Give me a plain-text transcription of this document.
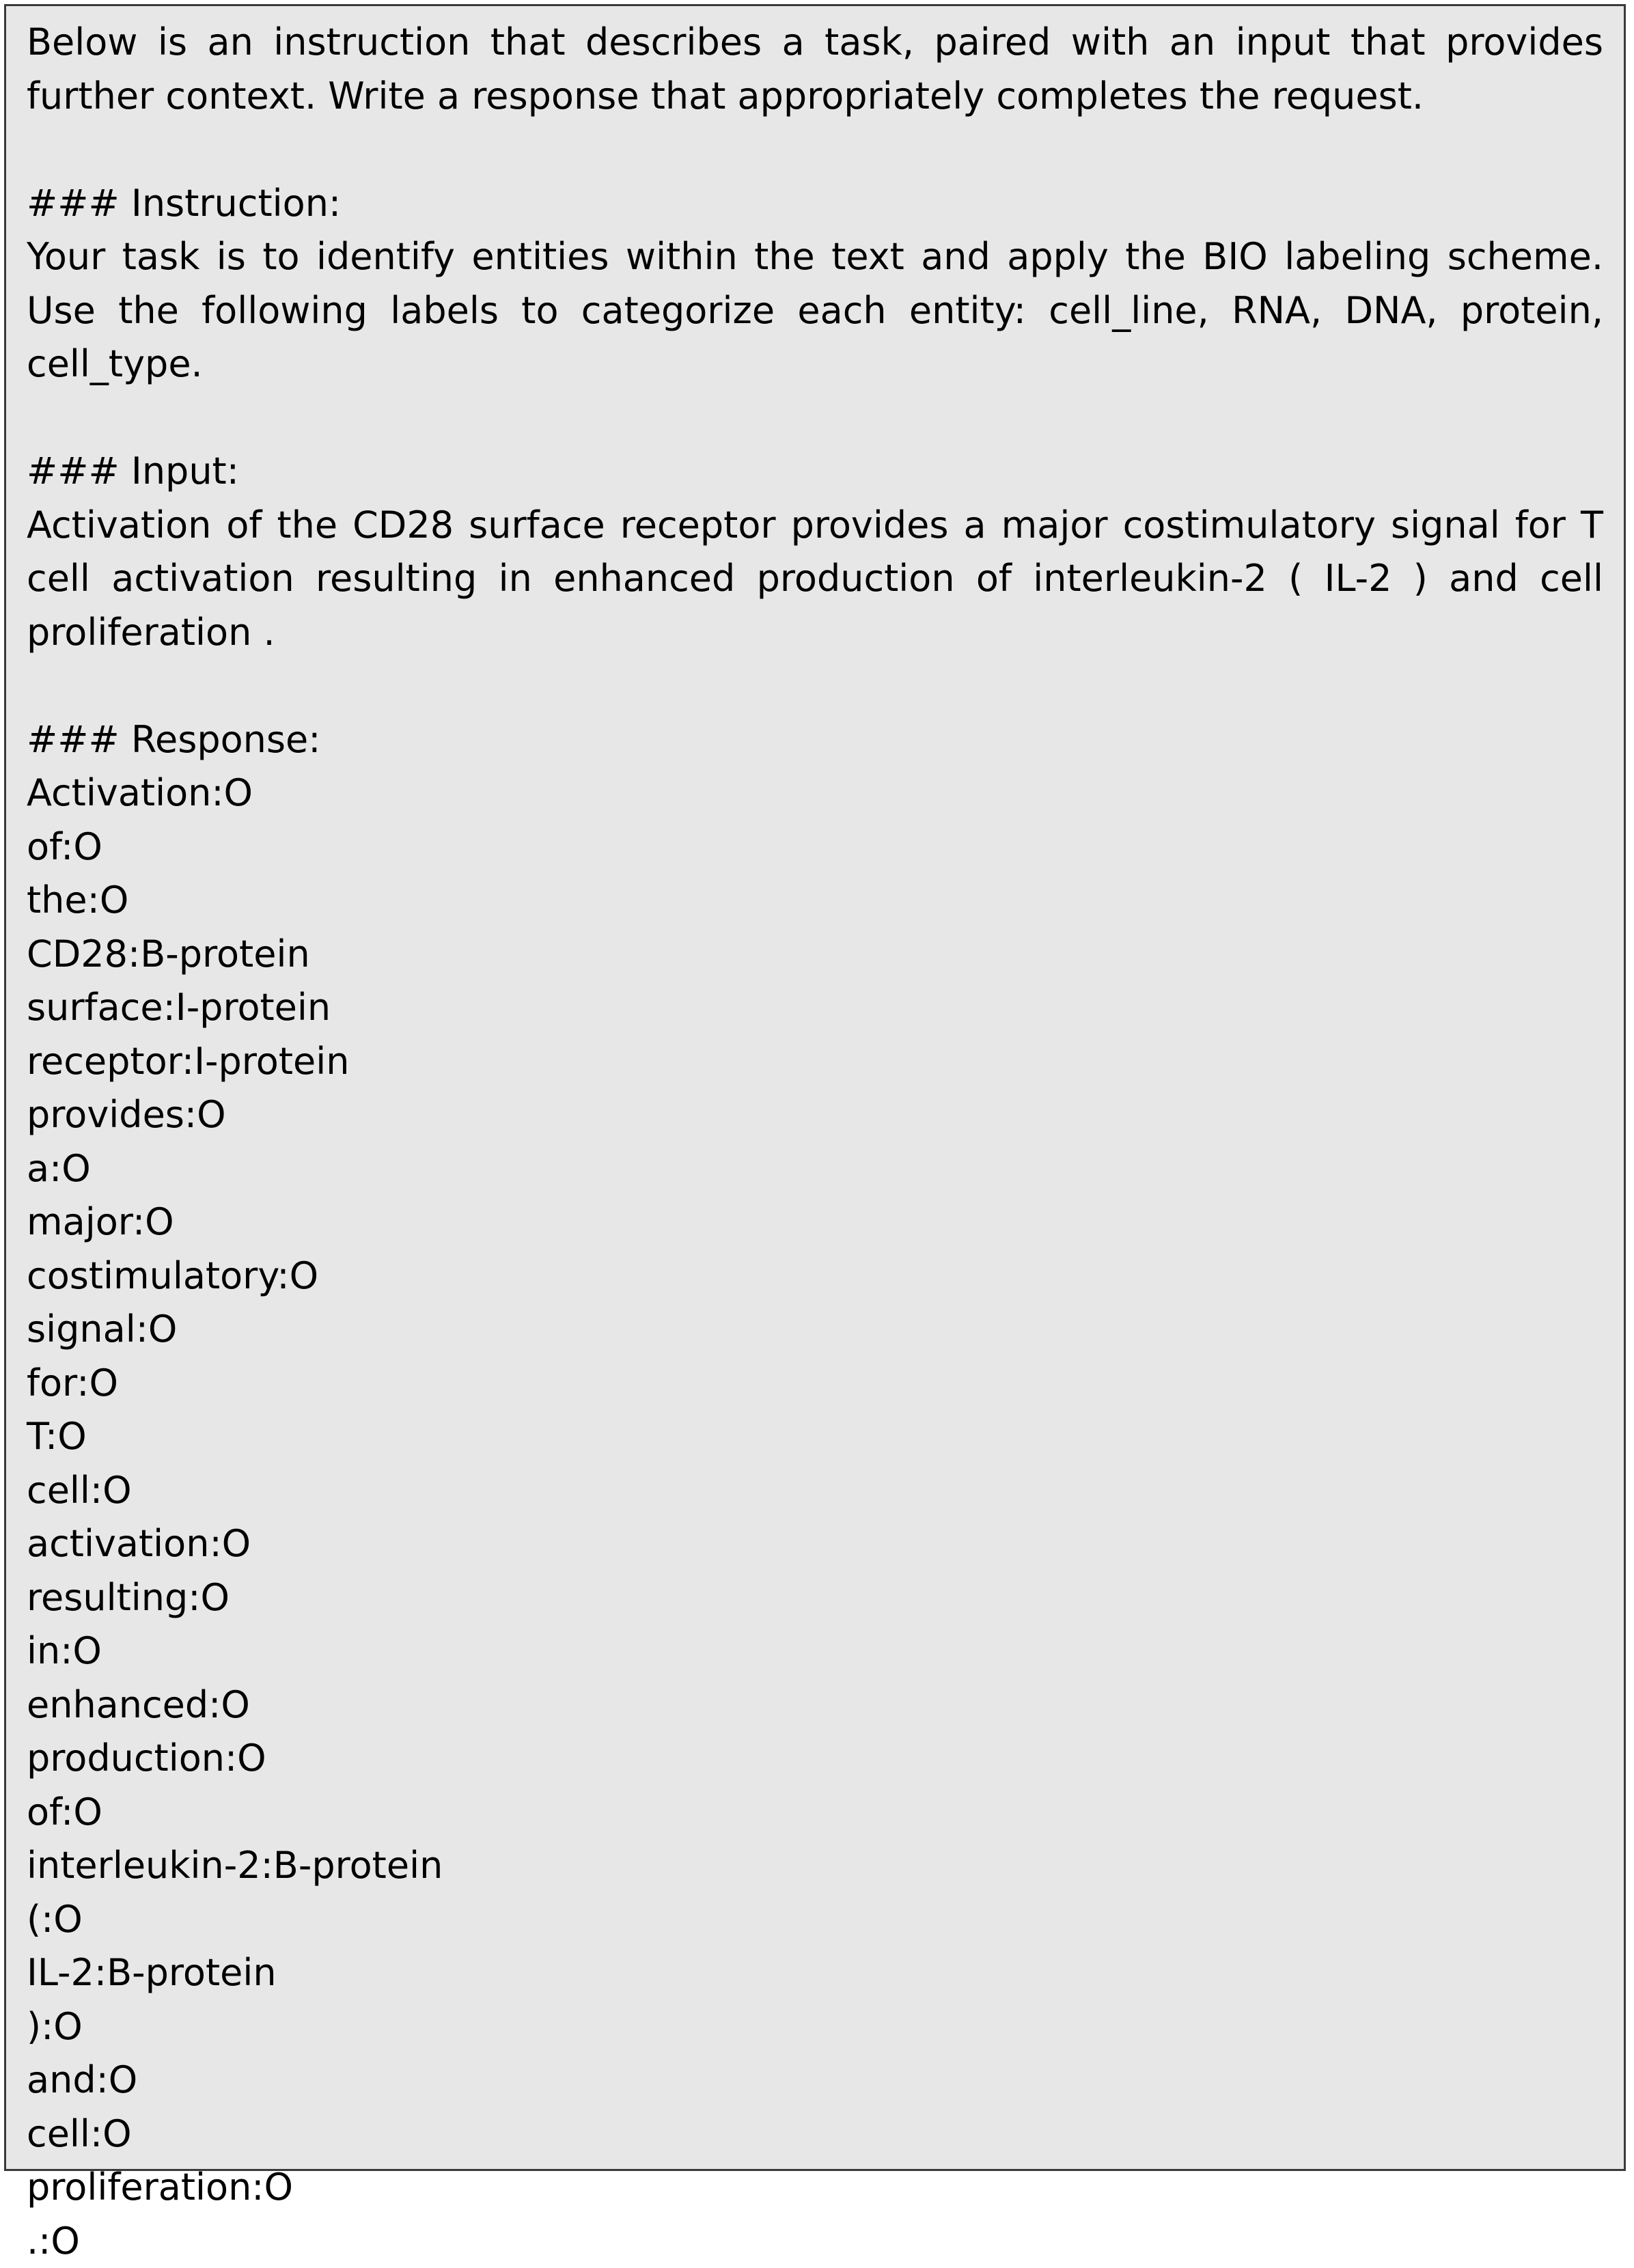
Below is an instruction that describes a task, paired with an input that provides further context. Write a response that appropriately completes the request.

### Instruction:

Your task is to identify entities within the text and apply the BIO labeling scheme. Use the following labels to categorize each entity: cell_line, RNA, DNA, protein, cell_type.

### Input:

Activation of the CD28 surface receptor provides a major costimulatory signal for T cell activation resulting in enhanced production of interleukin-2 ( IL-2 ) and cell proliferation .

### Response:

Activation:O
of:O
the:O
CD28:B-protein
surface:I-protein
receptor:I-protein
provides:O
a:O
major:O
costimulatory:O
signal:O
for:O
T:O
cell:O
activation:O
resulting:O
in:O
enhanced:O
production:O
of:O
interleukin-2:B-protein
(:O
IL-2:B-protein
):O
and:O
cell:O
proliferation:O
.:O
